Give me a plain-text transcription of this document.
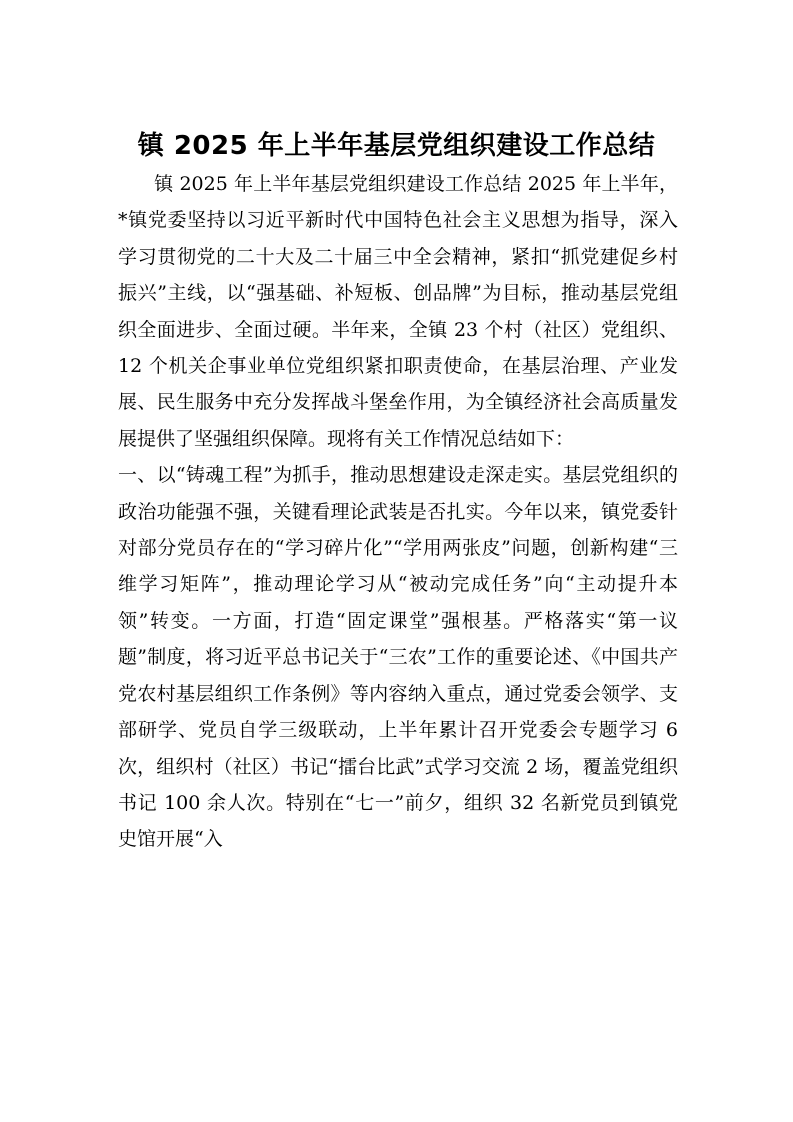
镇 2025 年上半年基层党组织建设工作总结

镇 2025 年上半年基层党组织建设工作总结 2025 年上半年，*镇党委坚持以习近平新时代中国特色社会主义思想为指导，深入学习贯彻党的二十大及二十届三中全会精神，紧扣“抓党建促乡村振兴”主线，以“强基础、补短板、创品牌”为目标，推动基层党组织全面进步、全面过硬。半年来，全镇 23 个村（社区）党组织、12 个机关企事业单位党组织紧扣职责使命，在基层治理、产业发展、民生服务中充分发挥战斗堡垒作用，为全镇经济社会高质量发展提供了坚强组织保障。现将有关工作情况总结如下：

一、以“铸魂工程”为抓手，推动思想建设走深走实。基层党组织的政治功能强不强，关键看理论武装是否扎实。今年以来，镇党委针对部分党员存在的“学习碎片化”“学用两张皮”问题，创新构建“三维学习矩阵”，推动理论学习从“被动完成任务”向“主动提升本领”转变。一方面，打造“固定课堂”强根基。严格落实“第一议题”制度，将习近平总书记关于“三农”工作的重要论述、《中国共产党农村基层组织工作条例》等内容纳入重点，通过党委会领学、支部研学、党员自学三级联动，上半年累计召开党委会专题学习 6 次，组织村（社区）书记“擂台比武”式学习交流 2 场，覆盖党组织书记 100 余人次。特别在“七一”前夕，组织 32 名新党员到镇党史馆开展“入
